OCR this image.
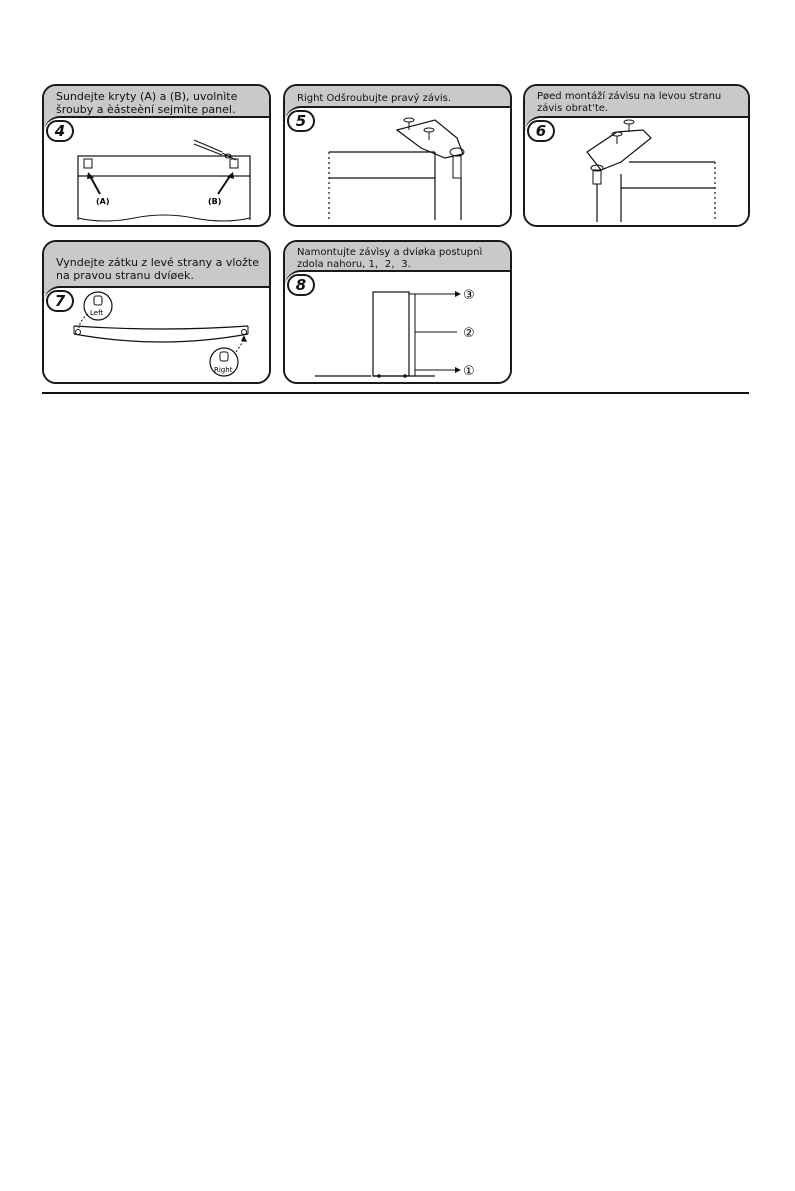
Sundejte kryty (A) a (B), uvolnìte šrouby a èásteèní sejmìte panel.
(A)	(B)
4
Right Odšroubujte pravý závis.
5
Pøed montáží závìsu na levou stranu závis obrat'te.
6
Vyndejte zátku z levé strany a vložte na pravou stranu dvíøek.
Left
Right
7
Namontujte závìsy a dvíøka postupnì zdola nahoru, 1，2，3.
③
②
①
8
